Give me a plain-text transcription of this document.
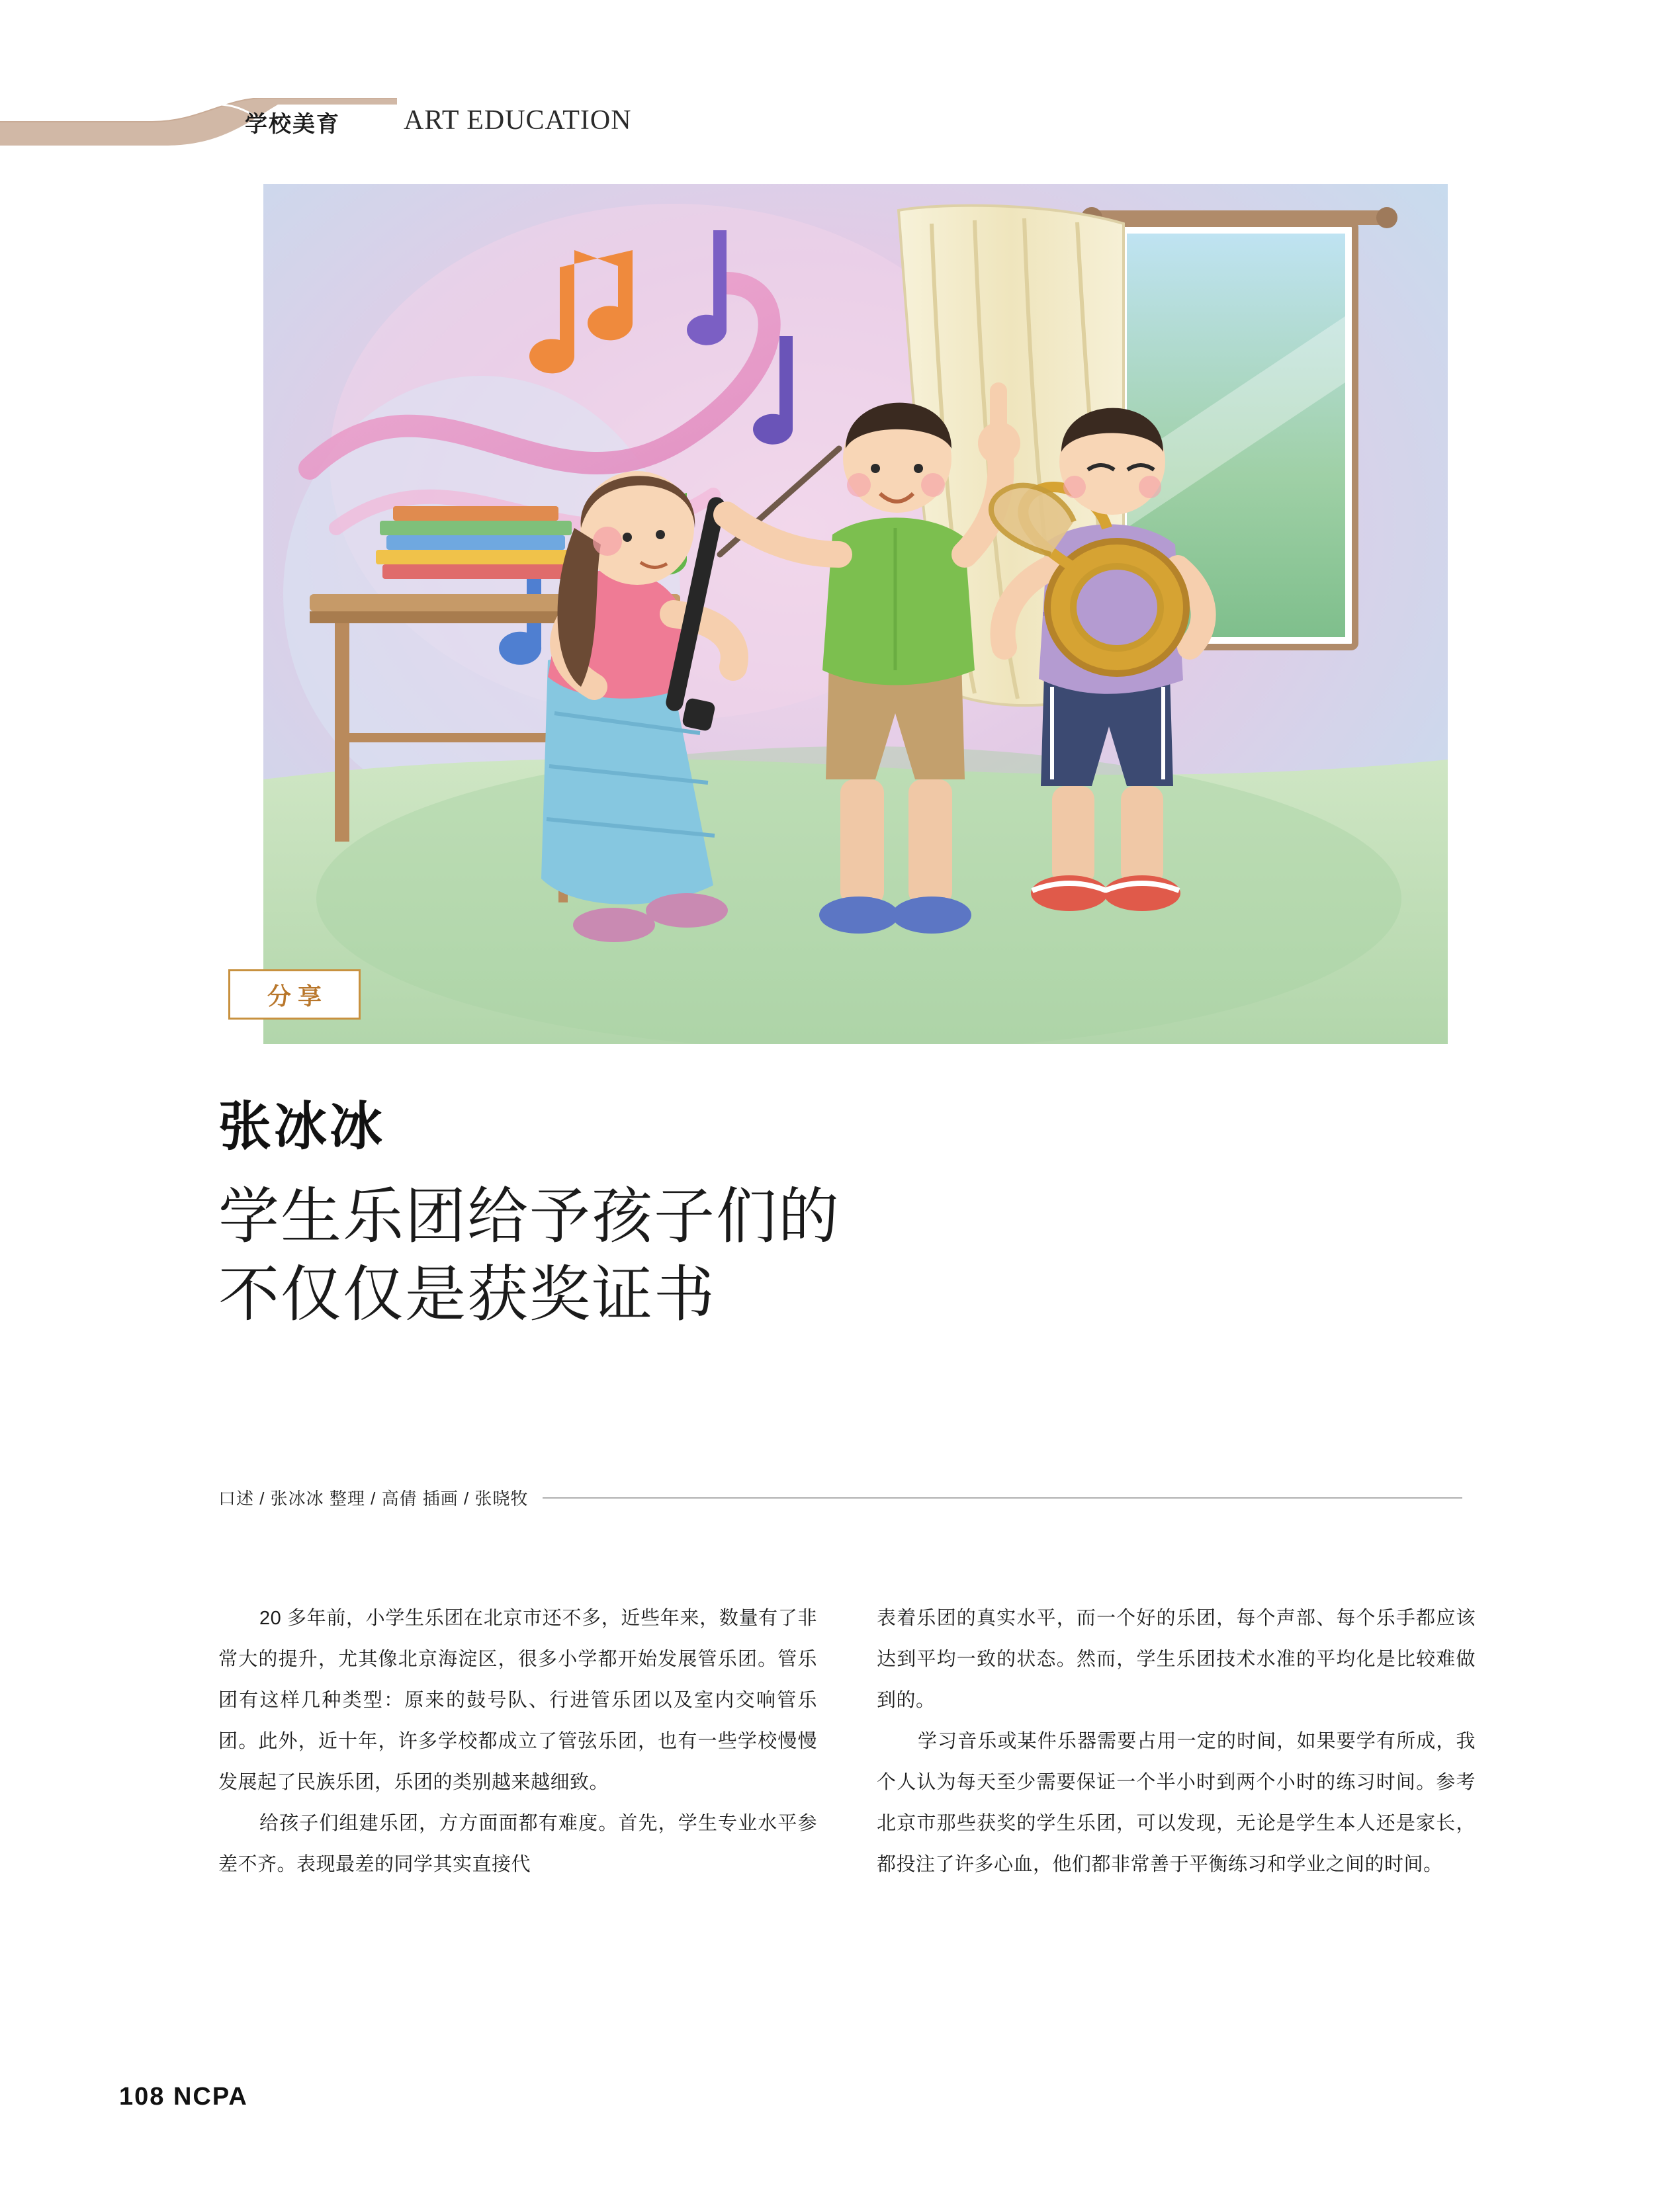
学校美育 ART EDUCATION
分享
张冰冰
学生乐团给予孩子们的
不仅仅是获奖证书
口述 / 张冰冰 整理 / 高倩 插画 / 张晓牧

20 多年前，小学生乐团在北京市还不多，近些年来，数量有了非常大的提升，尤其像北京海淀区，很多小学都开始发展管乐团。管乐团有这样几种类型：原来的鼓号队、行进管乐团以及室内交响管乐团。此外，近十年，许多学校都成立了管弦乐团，也有一些学校慢慢发展起了民族乐团，乐团的类别越来越细致。

给孩子们组建乐团，方方面面都有难度。首先，学生专业水平参差不齐。表现最差的同学其实直接代

表着乐团的真实水平，而一个好的乐团，每个声部、每个乐手都应该达到平均一致的状态。然而，学生乐团技术水准的平均化是比较难做到的。

学习音乐或某件乐器需要占用一定的时间，如果要学有所成，我个人认为每天至少需要保证一个半小时到两个小时的练习时间。参考北京市那些获奖的学生乐团，可以发现，无论是学生本人还是家长，都投注了许多心血，他们都非常善于平衡练习和学业之间的时间。

108 NCPA
